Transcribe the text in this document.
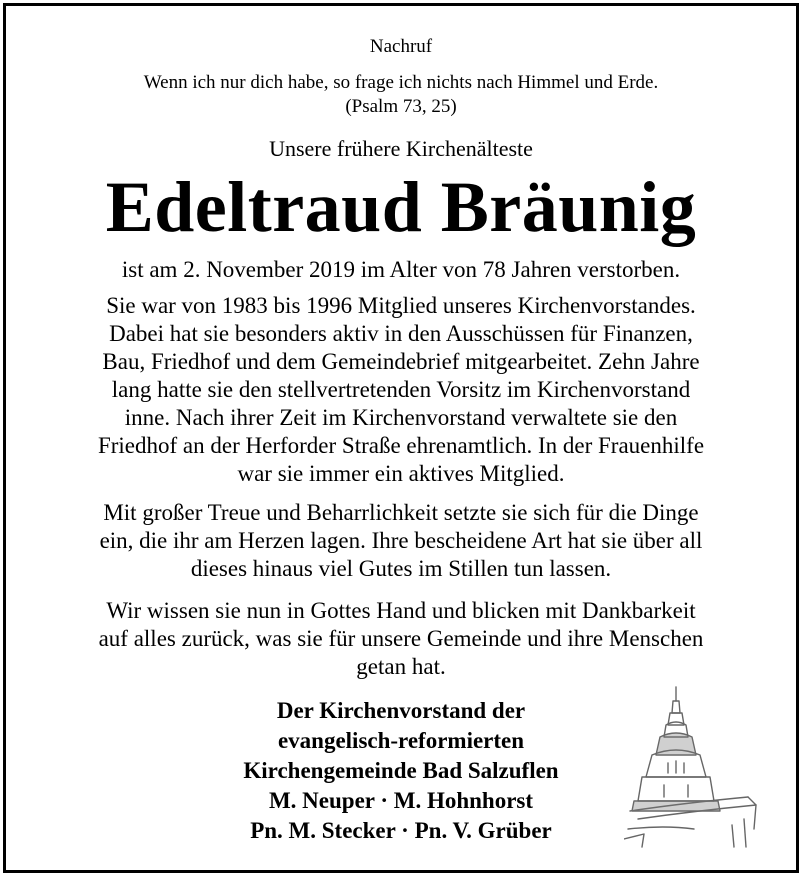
Nachruf
Wenn ich nur dich habe, so frage ich nichts nach Himmel und Erde.
(Psalm 73, 25)
Unsere frühere Kirchenälteste
Edeltraud Bräunig
ist am 2. November 2019 im Alter von 78 Jahren verstorben.
Sie war von 1983 bis 1996 Mitglied unseres Kirchenvorstandes.
Dabei hat sie besonders aktiv in den Ausschüssen für Finanzen,
Bau, Friedhof und dem Gemeindebrief mitgearbeitet. Zehn Jahre
lang hatte sie den stellvertretenden Vorsitz im Kirchenvorstand
inne. Nach ihrer Zeit im Kirchenvorstand verwaltete sie den
Friedhof an der Herforder Straße ehrenamtlich. In der Frauenhilfe
war sie immer ein aktives Mitglied.
Mit großer Treue und Beharrlichkeit setzte sie sich für die Dinge
ein, die ihr am Herzen lagen. Ihre bescheidene Art hat sie über all
dieses hinaus viel Gutes im Stillen tun lassen.
Wir wissen sie nun in Gottes Hand und blicken mit Dankbarkeit
auf alles zurück, was sie für unsere Gemeinde und ihre Menschen
getan hat.
Der Kirchenvorstand der
evangelisch-reformierten
Kirchengemeinde Bad Salzuflen
M. Neuper · M. Hohnhorst
Pn. M. Stecker · Pn. V. Grüber
